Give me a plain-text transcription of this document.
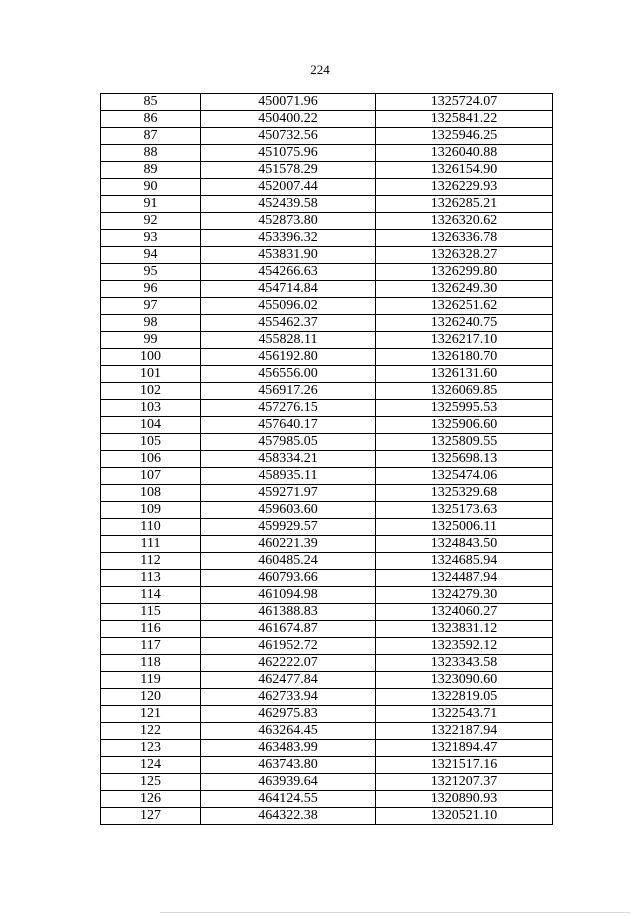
224
85	450071.96	1325724.07
86	450400.22	1325841.22
87	450732.56	1325946.25
88	451075.96	1326040.88
89	451578.29	1326154.90
90	452007.44	1326229.93
91	452439.58	1326285.21
92	452873.80	1326320.62
93	453396.32	1326336.78
94	453831.90	1326328.27
95	454266.63	1326299.80
96	454714.84	1326249.30
97	455096.02	1326251.62
98	455462.37	1326240.75
99	455828.11	1326217.10
100	456192.80	1326180.70
101	456556.00	1326131.60
102	456917.26	1326069.85
103	457276.15	1325995.53
104	457640.17	1325906.60
105	457985.05	1325809.55
106	458334.21	1325698.13
107	458935.11	1325474.06
108	459271.97	1325329.68
109	459603.60	1325173.63
110	459929.57	1325006.11
111	460221.39	1324843.50
112	460485.24	1324685.94
113	460793.66	1324487.94
114	461094.98	1324279.30
115	461388.83	1324060.27
116	461674.87	1323831.12
117	461952.72	1323592.12
118	462222.07	1323343.58
119	462477.84	1323090.60
120	462733.94	1322819.05
121	462975.83	1322543.71
122	463264.45	1322187.94
123	463483.99	1321894.47
124	463743.80	1321517.16
125	463939.64	1321207.37
126	464124.55	1320890.93
127	464322.38	1320521.10
